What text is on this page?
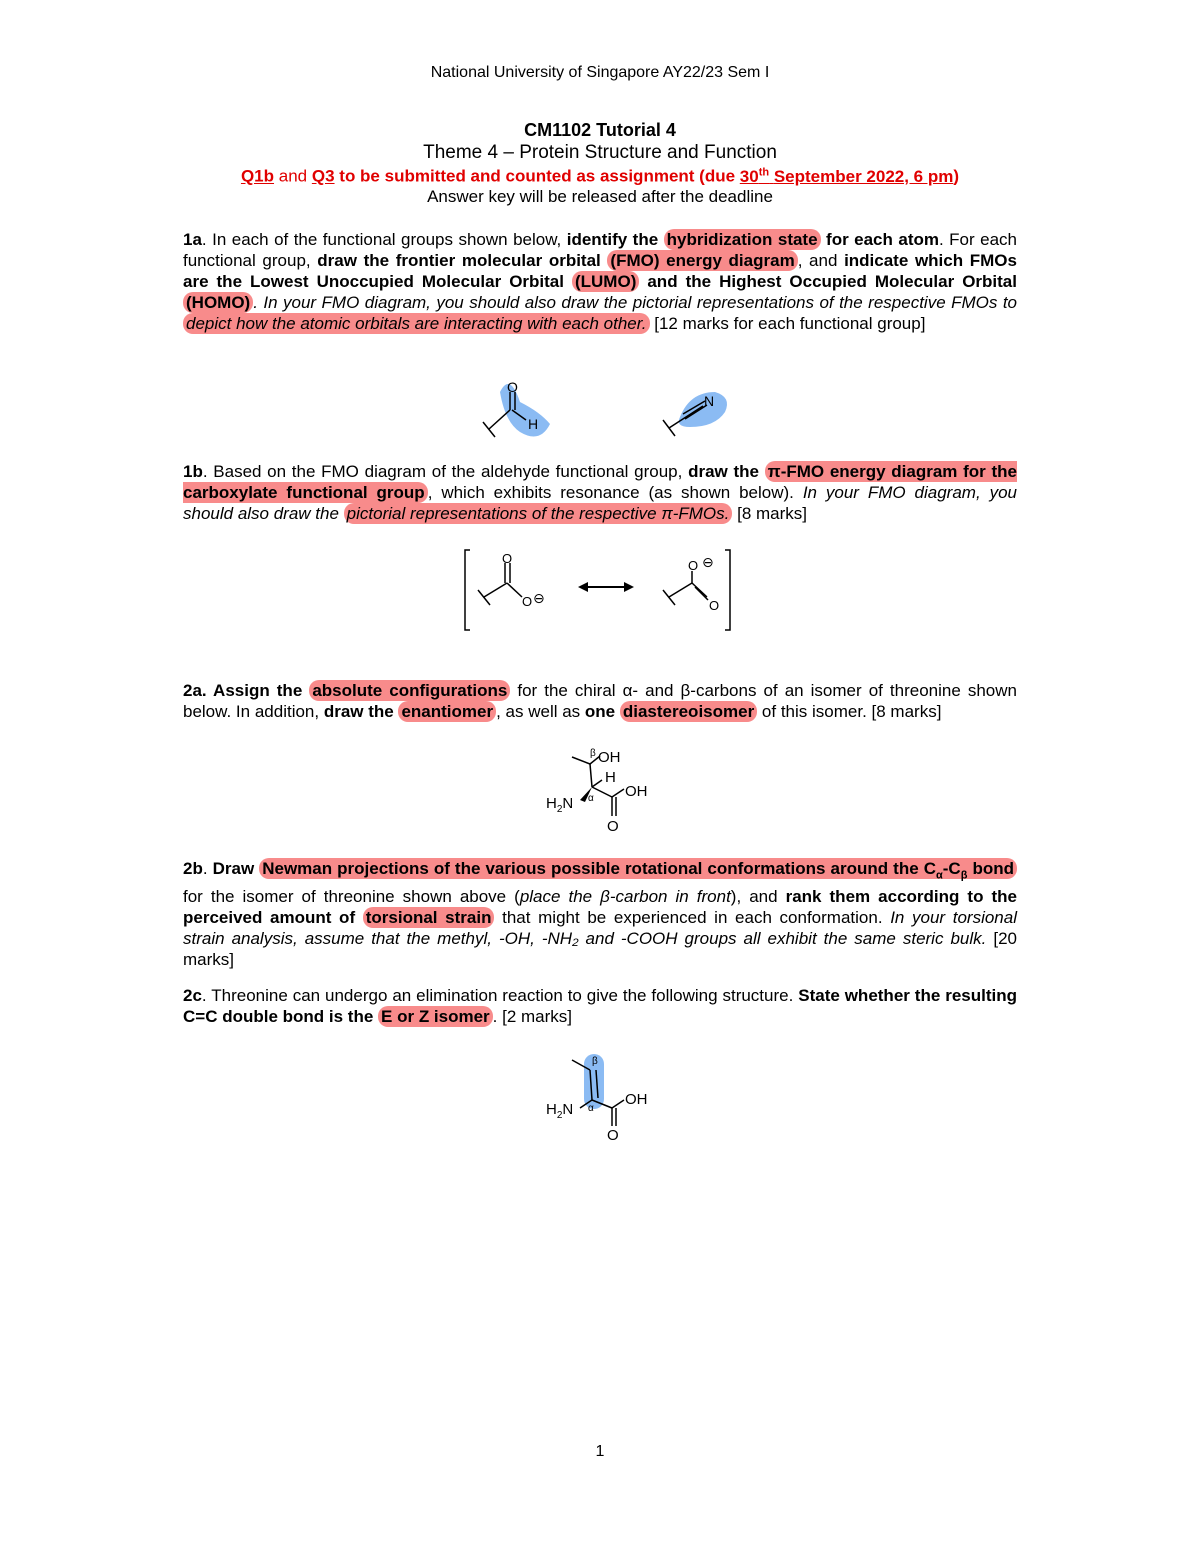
National University of Singapore AY22/23 Sem I
CM1102 Tutorial 4
Theme 4 – Protein Structure and Function
Q1b and Q3 to be submitted and counted as assignment (due 30th September 2022, 6 pm)
Answer key will be released after the deadline
1a. In each of the functional groups shown below, identify the hybridization state for each atom. For each functional group, draw the frontier molecular orbital (FMO) energy diagram , and indicate which FMOs are the Lowest Unoccupied Molecular Orbital (LUMO) and the Highest Occupied Molecular Orbital (HOMO) . In your FMO diagram, you should also draw the pictorial representations of the respective FMOs to depict how the atomic orbitals are interacting with each other. [12 marks for each functional group]
O
H
N
1b. Based on the FMO diagram of the aldehyde functional group, draw the π-FMO energy diagram for the carboxylate functional group , which exhibits resonance (as shown below). In your FMO diagram, you should also draw the pictorial representations of the respective π-FMOs. [8 marks]
O
O ⊖
O ⊖
O
2a. Assign the absolute configurations for the chiral α- and β-carbons of an isomer of threonine shown below. In addition, draw the enantiomer , as well as one diastereoisomer of this isomer. [8 marks]
β OH
H
α
$H_2N$
OH
O
2b. Draw Newman projections of the various possible rotational conformations around the $C_\alpha-C_\beta$ bond for the isomer of threonine shown above (place the β-carbon in front), and rank them according to the perceived amount of torsional strain that might be experienced in each conformation. In your torsional strain analysis, assume that the methyl, -OH, -NH₂ and -COOH groups all exhibit the same steric bulk. [20 marks]
2c. Threonine can undergo an elimination reaction to give the following structure. State whether the resulting C=C double bond is the E or Z isomer . [2 marks]
β
α
$H_2N$
OH
O
1
